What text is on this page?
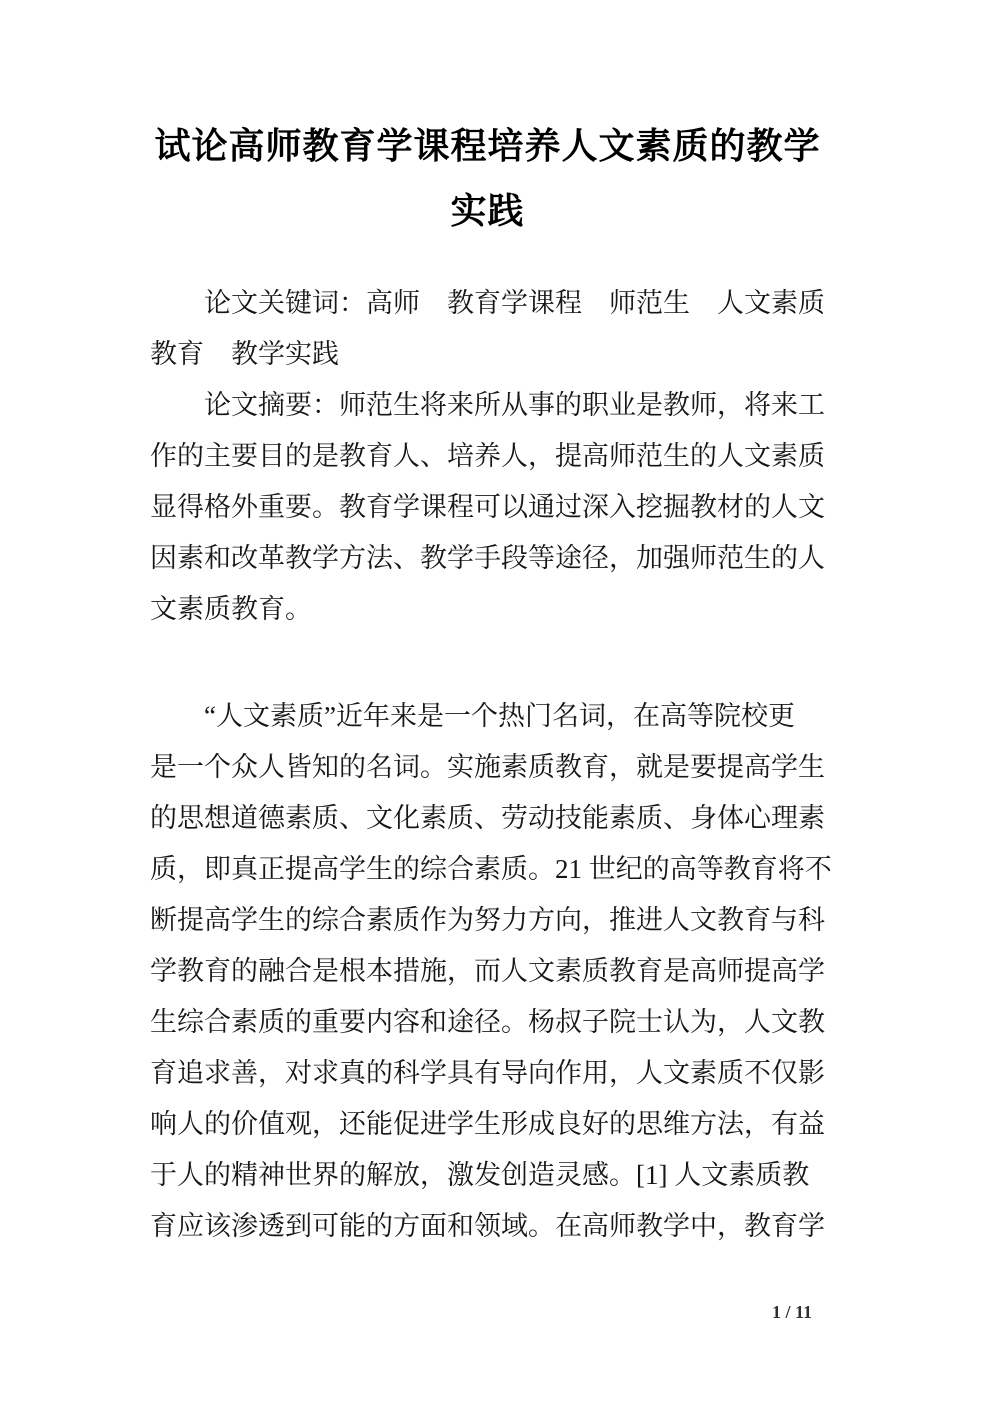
试论高师教育学课程培养人文素质的教学
实践
　　论文关键词：高师　教育学课程　师范生　人文素质
教育　教学实践
　　论文摘要：师范生将来所从事的职业是教师，将来工
作的主要目的是教育人、培养人，提高师范生的人文素质
显得格外重要。教育学课程可以通过深入挖掘教材的人文
因素和改革教学方法、教学手段等途径，加强师范生的人
文素质教育。
　　“人文素质”近年来是一个热门名词，在高等院校更
是一个众人皆知的名词。实施素质教育，就是要提高学生
的思想道德素质、文化素质、劳动技能素质、身体心理素
质，即真正提高学生的综合素质。21 世纪的高等教育将不
断提高学生的综合素质作为努力方向，推进人文教育与科
学教育的融合是根本措施，而人文素质教育是高师提高学
生综合素质的重要内容和途径。杨叔子院士认为，人文教
育追求善，对求真的科学具有导向作用，人文素质不仅影
响人的价值观，还能促进学生形成良好的思维方法，有益
于人的精神世界的解放，激发创造灵感。[1] 人文素质教
育应该渗透到可能的方面和领域。在高师教学中，教育学
1 / 11
